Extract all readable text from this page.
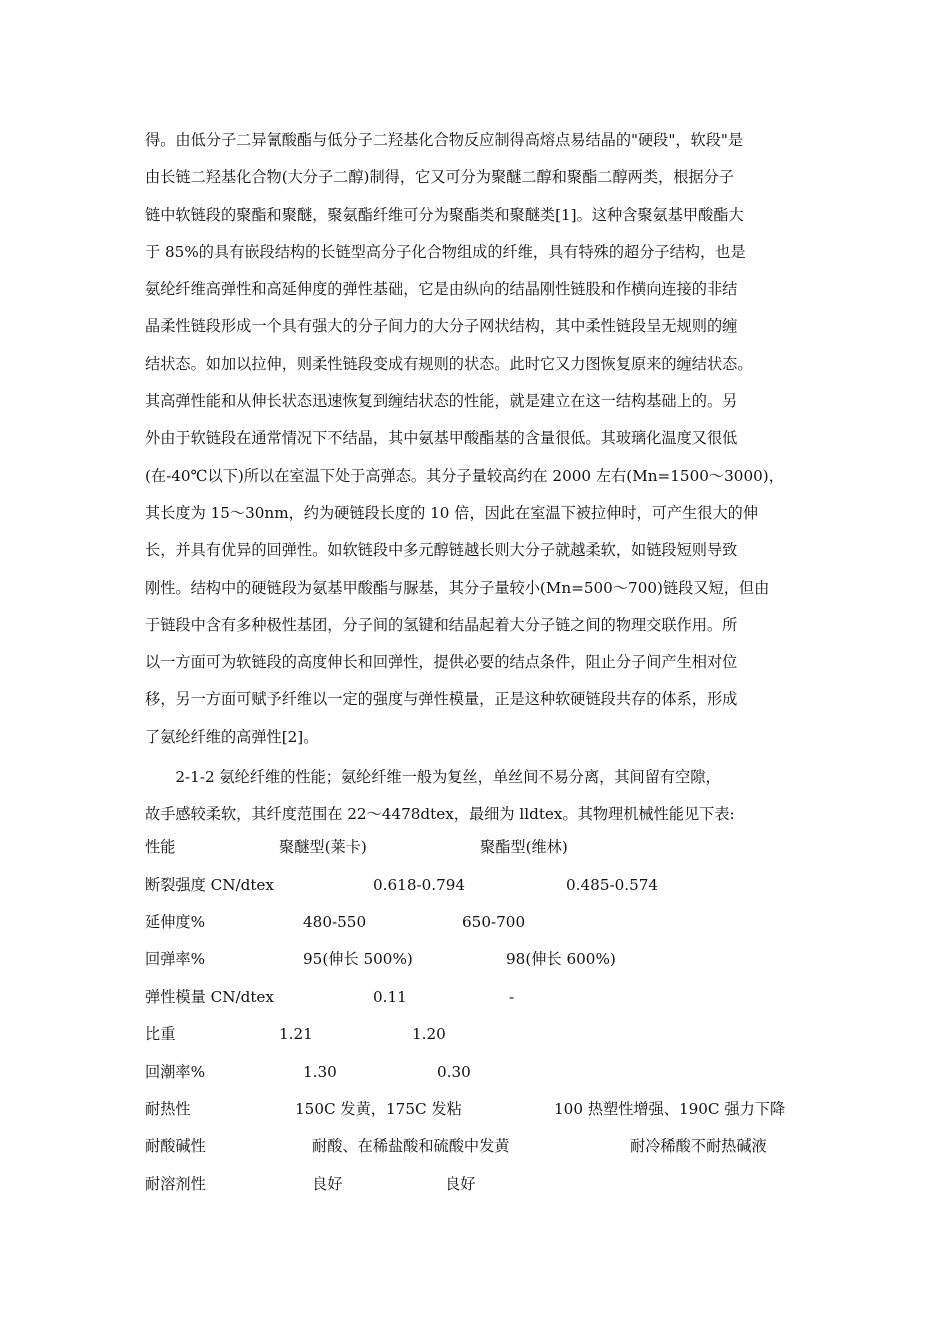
得。由低分子二异氰酸酯与低分子二羟基化合物反应制得高熔点易结晶的"硬段"，软段"是
由长链二羟基化合物(大分子二醇)制得，它又可分为聚醚二醇和聚酯二醇两类，根据分子
链中软链段的聚酯和聚醚，聚氨酯纤维可分为聚酯类和聚醚类[1]。这种含聚氨基甲酸酯大
于 85%的具有嵌段结构的长链型高分子化合物组成的纤维，具有特殊的超分子结构，也是
氨纶纤维高弹性和高延伸度的弹性基础，它是由纵向的结晶刚性链股和作横向连接的非结
晶柔性链段形成一个具有强大的分子间力的大分子网状结构，其中柔性链段呈无规则的缠
结状态。如加以拉伸，则柔性链段变成有规则的状态。此时它又力图恢复原来的缠结状态。
其高弹性能和从伸长状态迅速恢复到缠结状态的性能，就是建立在这一结构基础上的。另
外由于软链段在通常情况下不结晶，其中氨基甲酸酯基的含量很低。其玻璃化温度又很低
(在-40℃以下)所以在室温下处于高弹态。其分子量较高约在 2000 左右(Mn=1500～3000)，
其长度为 15～30nm，约为硬链段长度的 10 倍，因此在室温下被拉伸时，可产生很大的伸
长，并具有优异的回弹性。如软链段中多元醇链越长则大分子就越柔软，如链段短则导致
刚性。结构中的硬链段为氨基甲酸酯与脲基，其分子量较小(Mn=500～700)链段又短，但由
于链段中含有多种极性基团，分子间的氢键和结晶起着大分子链之间的物理交联作用。所
以一方面可为软链段的高度伸长和回弹性，提供必要的结点条件，阻止分子间产生相对位
移，另一方面可赋予纤维以一定的强度与弹性模量，正是这种软硬链段共存的体系，形成
了氨纶纤维的高弹性[2]。

　　2-1-2 氨纶纤维的性能；氨纶纤维一般为复丝，单丝间不易分离，其间留有空隙，
故手感较柔软，其纤度范围在 22～4478dtex，最细为 lldtex。其物理机械性能见下表:

性能	聚醚型(莱卡)	聚酯型(维林)
断裂强度 CN/dtex	0.618-0.794	0.485-0.574
延伸度%	480-550	650-700
回弹率%	95(伸长 500%)	98(伸长 600%)
弹性模量 CN/dtex	0.11	-
比重	1.21	1.20
回潮率%	1.30	0.30
耐热性	150C 发黄，175C 发粘	100 热塑性增强、190C 强力下降
耐酸碱性	耐酸、在稀盐酸和硫酸中发黄	耐冷稀酸不耐热碱液
耐溶剂性	良好	良好
